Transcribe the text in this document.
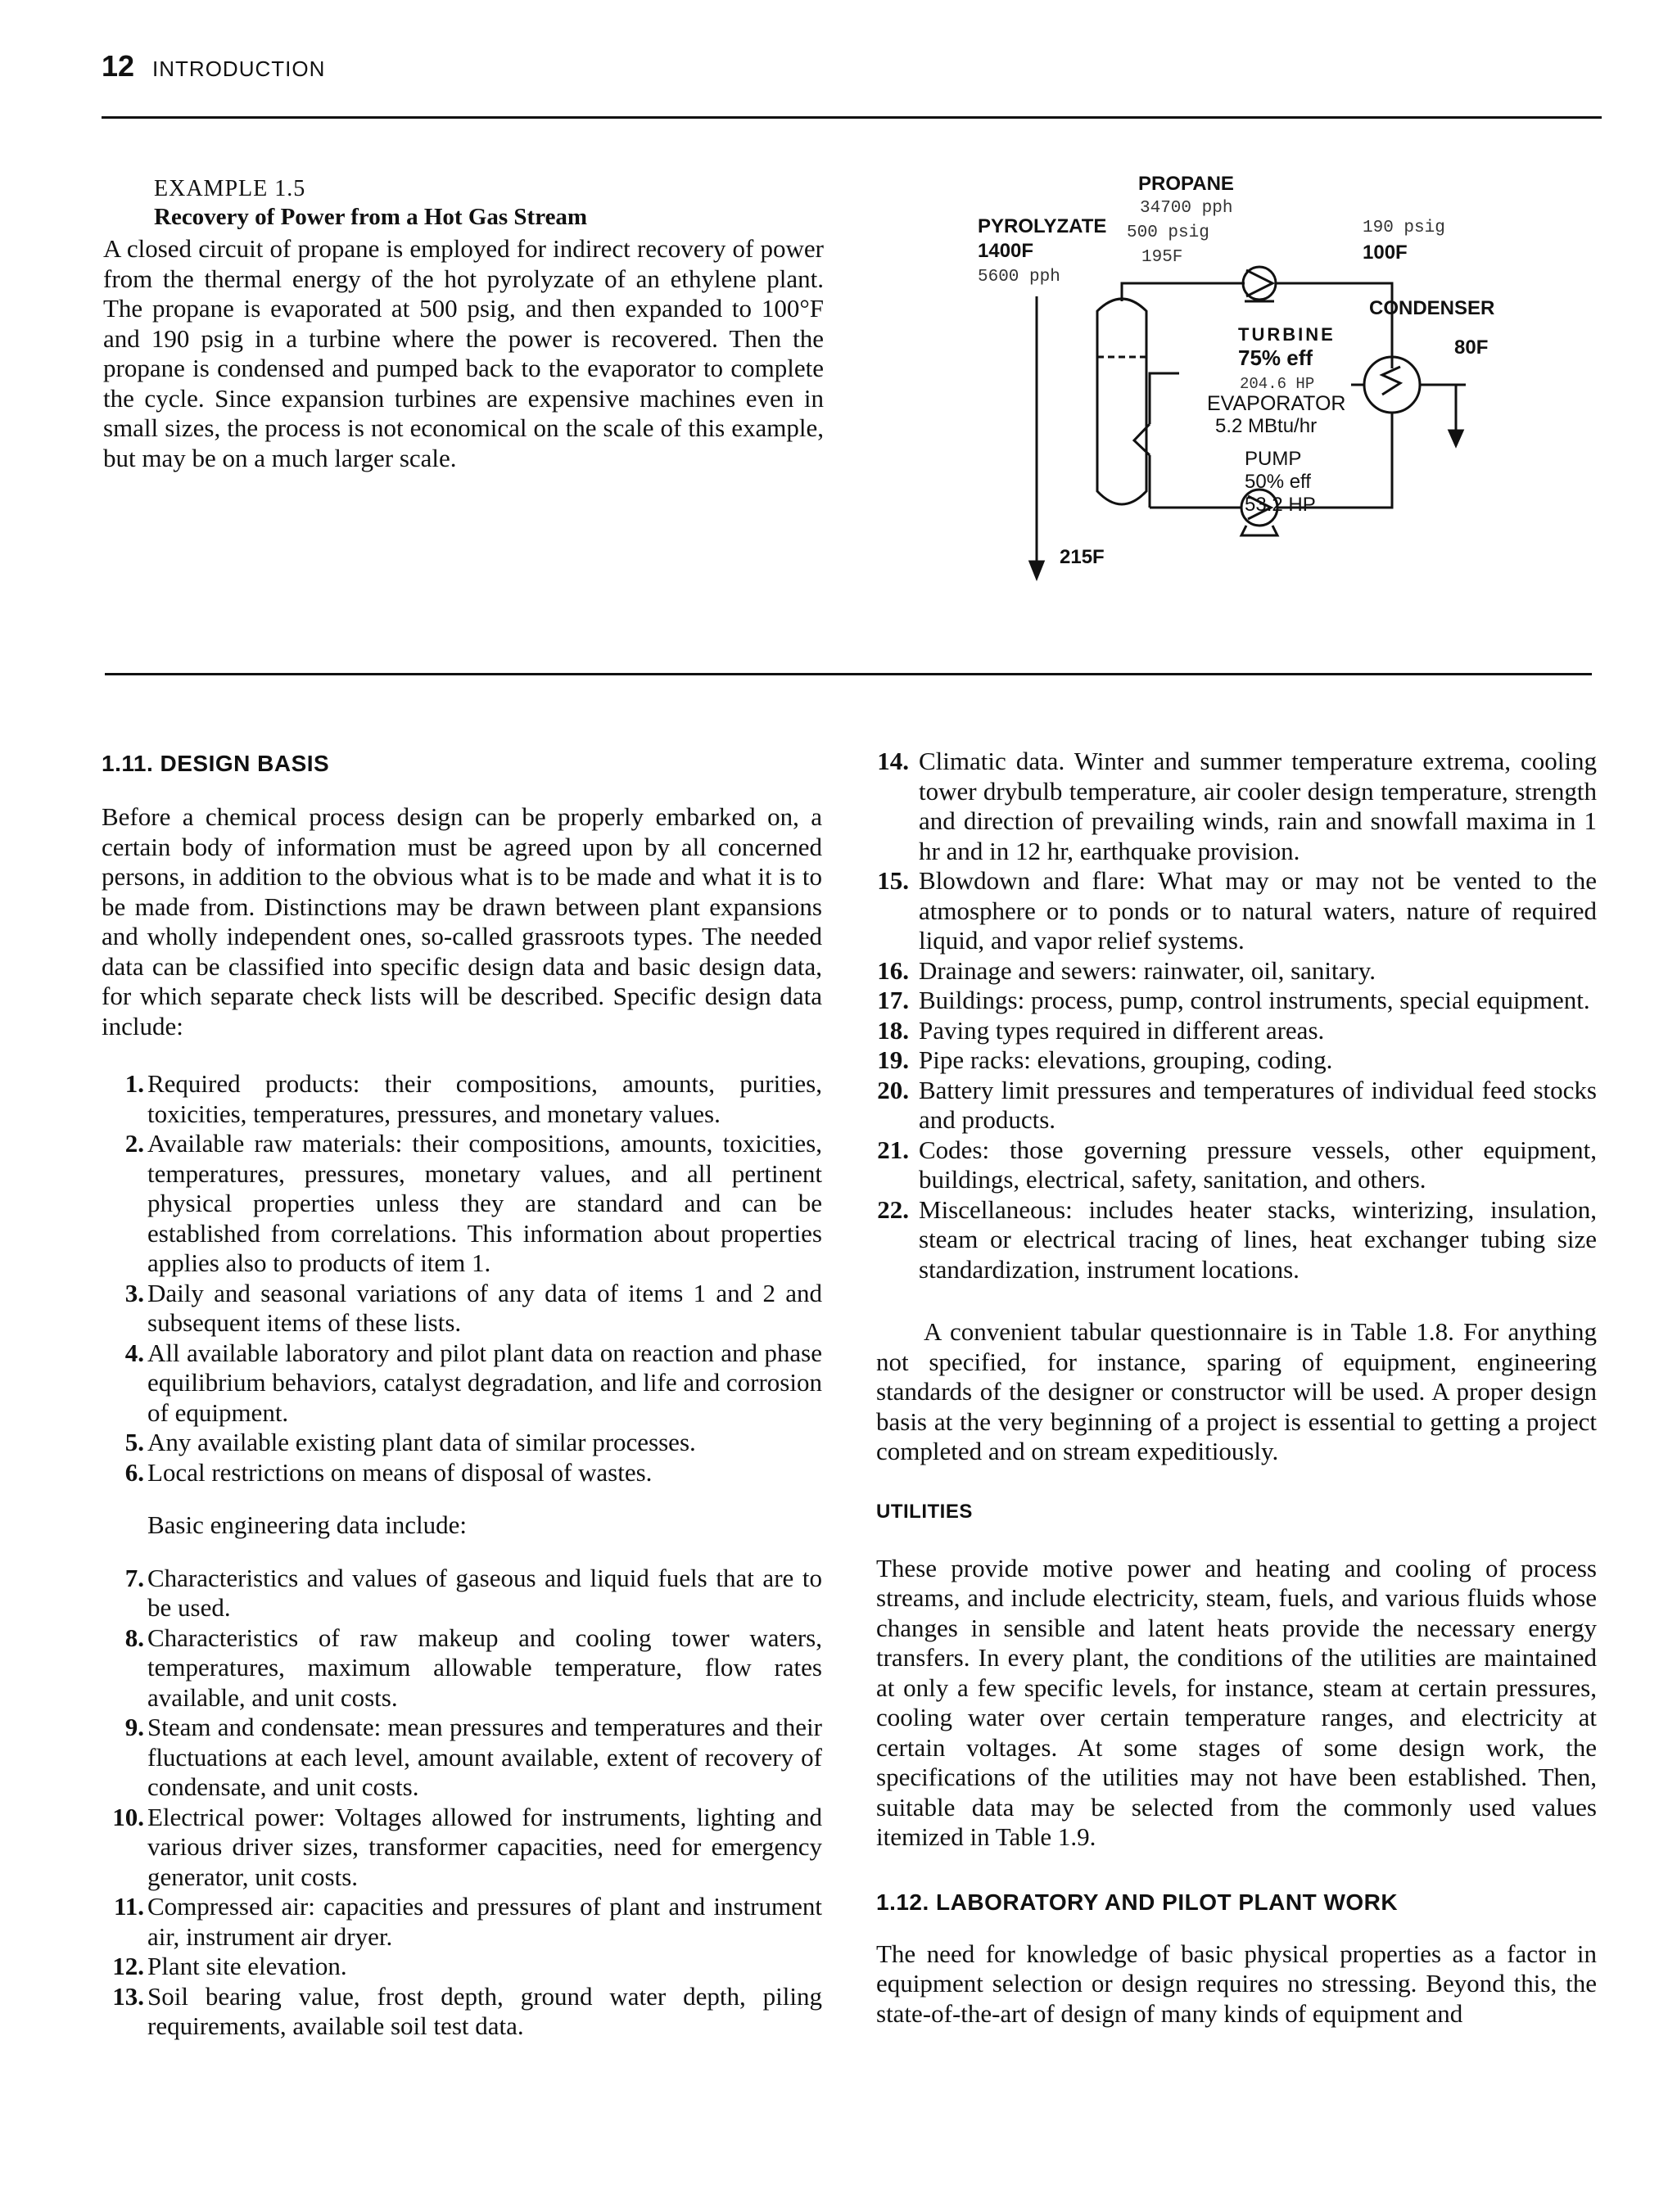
12 INTRODUCTION
EXAMPLE 1.5
Recovery of Power from a Hot Gas Stream

A closed circuit of propane is employed for indirect recovery of power from the thermal energy of the hot pyrolyzate of an ethylene plant. The propane is evaporated at 500 psig, and then expanded to 100°F and 190 psig in a turbine where the power is recovered. Then the propane is condensed and pumped back to the evaporator to complete the cycle. Since expansion turbines are expensive machines even in small sizes, the process is not economical on the scale of this example, but may be on a much larger scale.

PROPANE
34700 pph
500 psig
195F
PYROLYZATE
1400F
5600 pph
190 psig
100F
CONDENSER
80F
TURBINE
75% eff
204.6 HP
EVAPORATOR
5.2 MBtu/hr
PUMP
50% eff
53.2 HP
215F
1.11. DESIGN BASIS

Before a chemical process design can be properly embarked on, a certain body of information must be agreed upon by all concerned persons, in addition to the obvious what is to be made and what it is to be made from. Distinctions may be drawn between plant expansions and wholly independent ones, so-called grassroots types. The needed data can be classified into specific design data and basic design data, for which separate check lists will be described. Specific design data include:

1. Required products: their compositions, amounts, purities, toxicities, temperatures, pressures, and monetary values.
2. Available raw materials: their compositions, amounts, toxicities, temperatures, pressures, monetary values, and all pertinent physical properties unless they are standard and can be established from correlations. This information about properties applies also to products of item 1.
3. Daily and seasonal variations of any data of items 1 and 2 and subsequent items of these lists.
4. All available laboratory and pilot plant data on reaction and phase equilibrium behaviors, catalyst degradation, and life and corrosion of equipment.
5. Any available existing plant data of similar processes.
6. Local restrictions on means of disposal of wastes.

Basic engineering data include:

7. Characteristics and values of gaseous and liquid fuels that are to be used.
8. Characteristics of raw makeup and cooling tower waters, temperatures, maximum allowable temperature, flow rates available, and unit costs.
9. Steam and condensate: mean pressures and temperatures and their fluctuations at each level, amount available, extent of recovery of condensate, and unit costs.
10. Electrical power: Voltages allowed for instruments, lighting and various driver sizes, transformer capacities, need for emergency generator, unit costs.
11. Compressed air: capacities and pressures of plant and instrument air, instrument air dryer.
12. Plant site elevation.
13. Soil bearing value, frost depth, ground water depth, piling requirements, available soil test data.
14. Climatic data. Winter and summer temperature extrema, cooling tower drybulb temperature, air cooler design temperature, strength and direction of prevailing winds, rain and snowfall maxima in 1 hr and in 12 hr, earthquake provision.
15. Blowdown and flare: What may or may not be vented to the atmosphere or to ponds or to natural waters, nature of required liquid, and vapor relief systems.
16. Drainage and sewers: rainwater, oil, sanitary.
17. Buildings: process, pump, control instruments, special equipment.
18. Paving types required in different areas.
19. Pipe racks: elevations, grouping, coding.
20. Battery limit pressures and temperatures of individual feed stocks and products.
21. Codes: those governing pressure vessels, other equipment, buildings, electrical, safety, sanitation, and others.
22. Miscellaneous: includes heater stacks, winterizing, insulation, steam or electrical tracing of lines, heat exchanger tubing size standardization, instrument locations.

A convenient tabular questionnaire is in Table 1.8. For anything not specified, for instance, sparing of equipment, engineering standards of the designer or constructor will be used. A proper design basis at the very beginning of a project is essential to getting a project completed and on stream expeditiously.

UTILITIES

These provide motive power and heating and cooling of process streams, and include electricity, steam, fuels, and various fluids whose changes in sensible and latent heats provide the necessary energy transfers. In every plant, the conditions of the utilities are maintained at only a few specific levels, for instance, steam at certain pressures, cooling water over certain temperature ranges, and electricity at certain voltages. At some stages of some design work, the specifications of the utilities may not have been established. Then, suitable data may be selected from the commonly used values itemized in Table 1.9.

1.12. LABORATORY AND PILOT PLANT WORK

The need for knowledge of basic physical properties as a factor in equipment selection or design requires no stressing. Beyond this, the state-of-the-art of design of many kinds of equipment and
